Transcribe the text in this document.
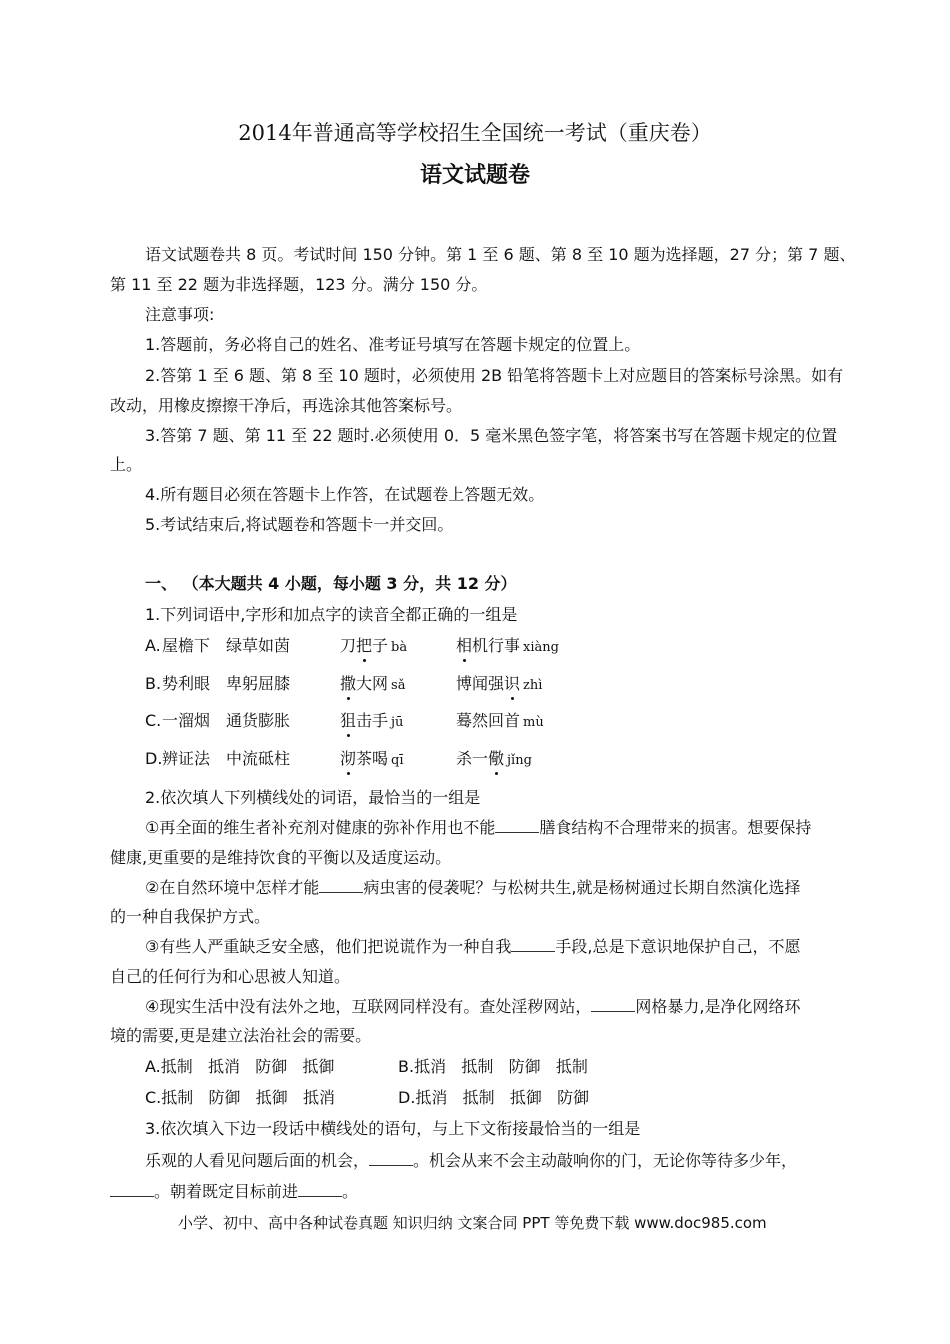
2014年普通高等学校招生全国统一考试（重庆卷）
语文试题卷
语文试题卷共 8 页。考试时间 150 分钟。第 1 至 6 题、第 8 至 10 题为选择题，27 分；第 7 题、
第 11 至 22 题为非选择题，123 分。满分 150 分。
注意事项:
1.答题前，务必将自己的姓名、准考证号填写在答题卡规定的位置上。
2.答第 1 至 6 题、第 8 至 10 题时，必须使用 2B 铅笔将答题卡上对应题目的答案标号涂黑。如有
改动，用橡皮擦擦干净后，再选涂其他答案标号。
3.答第 7 题、第 11 至 22 题时.必须使用 0．5 毫米黑色签字笔，将答案书写在答题卡规定的位置
上。
4.所有题目必须在答题卡上作答，在试题卷上答题无效。
5.考试结束后,将试题卷和答题卡一并交回。
一、 （本大题共 4 小题，每小题 3 分，共 12 分）
1.下列词语中,字形和加点字的读音全都正确的一组是
A. 屋檐下 绿草如茵	刀把子 bà	相机行事 xiàng
B. 势利眼 卑躬屈膝	撒大网 sǎ	博闻强识 zhì
C. 一溜烟 通货膨胀	狙击手 jū	蓦然回首 mù
D. 辨证法 中流砥柱	沏茶喝 qī	杀一儆 jǐng
2.依次填人下列横线处的词语，最恰当的一组是
①再全面的维生者补充剂对健康的弥补作用也不能	膳食结构不合理带来的损害。想要保持
健康,更重要的是维持饮食的平衡以及适度运动。
②在自然环境中怎样才能	病虫害的侵袭呢？与松树共生,就是杨树通过长期自然演化选择
的一种自我保护方式。
③有些人严重缺乏安全感，他们把说谎作为一种自我	手段,总是下意识地保护自己，不愿
自己的任何行为和心思被人知道。
④现实生活中没有法外之地，互联网同样没有。查处淫秽网站，	网格暴力,是净化网络环
境的需要,更是建立法治社会的需要。
A.抵制   抵消   防御   抵御	B.抵消   抵制   防御   抵制
C.抵制   防御   抵御   抵消	D.抵消   抵制   抵御   防御
3.依次填入下边一段话中横线处的语句，与上下文衔接最恰当的一组是
乐观的人看见问题后面的机会，	。机会从来不会主动敲响你的门，无论你等待多少年，
。朝着既定目标前进	。
小学、初中、高中各种试卷真题 知识归纳 文案合同 PPT 等免费下载 www.doc985.com
